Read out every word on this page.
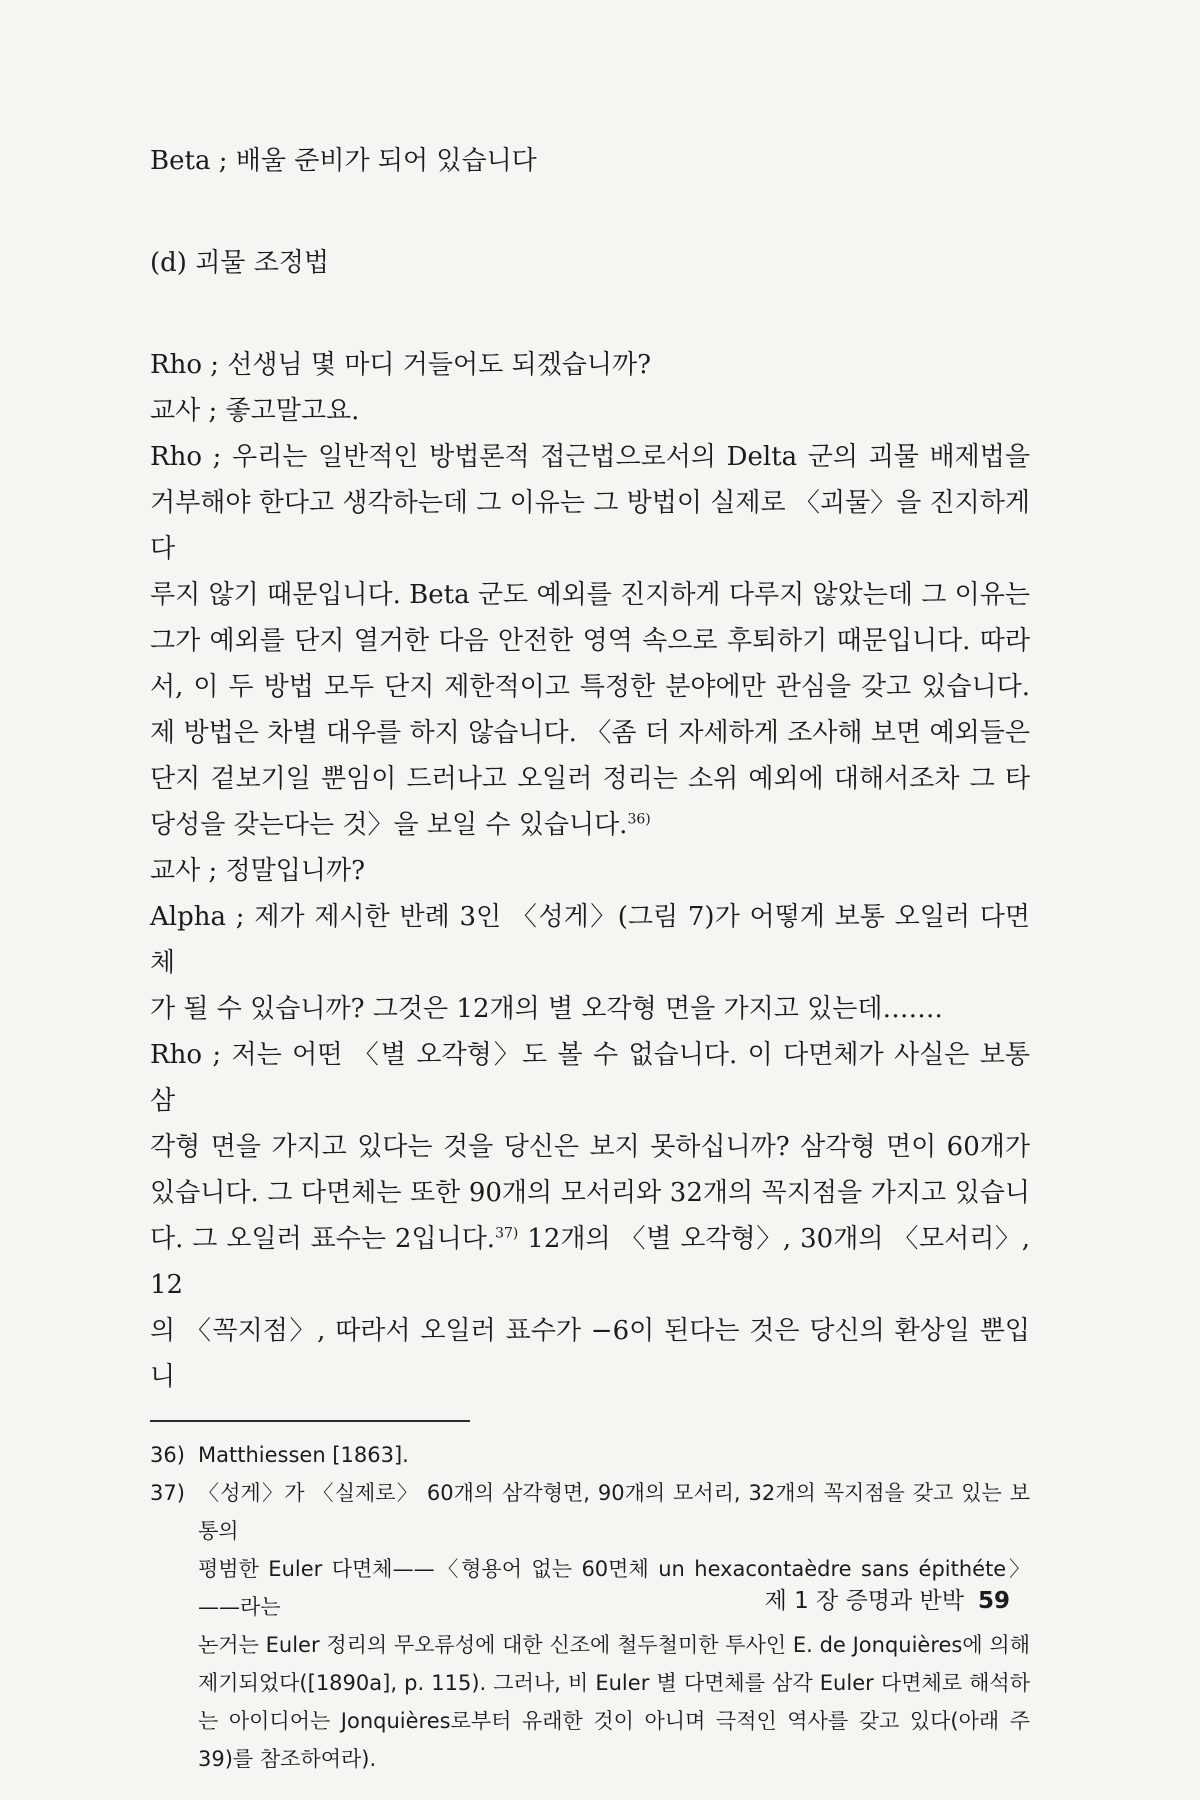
Beta ; 배울 준비가 되어 있습니다
(d) 괴물 조정법
Rho ; 선생님 몇 마디 거들어도 되겠습니까?
교사 ; 좋고말고요.
Rho ; 우리는 일반적인 방법론적 접근법으로서의 Delta 군의 괴물 배제법을
거부해야 한다고 생각하는데 그 이유는 그 방법이 실제로 〈괴물〉을 진지하게 다
루지 않기 때문입니다. Beta 군도 예외를 진지하게 다루지 않았는데 그 이유는
그가 예외를 단지 열거한 다음 안전한 영역 속으로 후퇴하기 때문입니다. 따라
서, 이 두 방법 모두 단지 제한적이고 특정한 분야에만 관심을 갖고 있습니다.
제 방법은 차별 대우를 하지 않습니다. 〈좀 더 자세하게 조사해 보면 예외들은
단지 겉보기일 뿐임이 드러나고 오일러 정리는 소위 예외에 대해서조차 그 타
당성을 갖는다는 것〉을 보일 수 있습니다.$^{36)}$
교사 ; 정말입니까?
Alpha ; 제가 제시한 반례 3인 〈성게〉(그림 7)가 어떻게 보통 오일러 다면체
가 될 수 있습니까? 그것은 12개의 별 오각형 면을 가지고 있는데…….
Rho ; 저는 어떤 〈별 오각형〉도 볼 수 없습니다. 이 다면체가 사실은 보통 삼
각형 면을 가지고 있다는 것을 당신은 보지 못하십니까? 삼각형 면이 60개가
있습니다. 그 다면체는 또한 90개의 모서리와 32개의 꼭지점을 가지고 있습니
다. 그 오일러 표수는 2입니다.$^{37)}$ 12개의 〈별 오각형〉, 30개의 〈모서리〉, 12
의 〈꼭지점〉, 따라서 오일러 표수가 −6이 된다는 것은 당신의 환상일 뿐입니
36) Matthiessen [1863].
37) 〈성게〉가 〈실제로〉 60개의 삼각형면, 90개의 모서리, 32개의 꼭지점을 갖고 있는 보통의
평범한 Euler 다면체——〈형용어 없는 60면체 un hexacontaèdre sans épithéte〉——라는
논거는 Euler 정리의 무오류성에 대한 신조에 철두철미한 투사인 E. de Jonquières에 의해
제기되었다([1890a], p. 115). 그러나, 비 Euler 별 다면체를 삼각 Euler 다면체로 해석하
는 아이디어는 Jonquières로부터 유래한 것이 아니며 극적인 역사를 갖고 있다(아래 주
39)를 참조하여라).
제 1 장 증명과 반박 59
